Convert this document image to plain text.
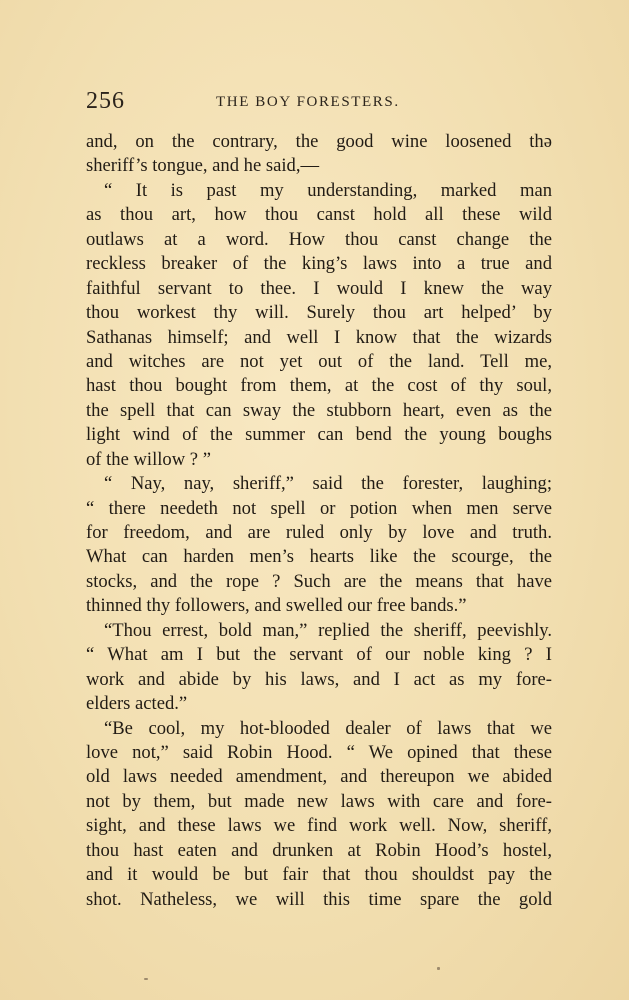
256	THE BOY FORESTERS.
and, on the contrary, the good wine loosened thə
sheriff’s tongue, and he said,—
“ It is past my understanding, marked man
as thou art, how thou canst hold all these wild
outlaws at a word. How thou canst change the
reckless breaker of the king’s laws into a true and
faithful servant to thee. I would I knew the way
thou workest thy will. Surely thou art helped’ by
Sathanas himself; and well I know that the wizards
and witches are not yet out of the land. Tell me,
hast thou bought from them, at the cost of thy soul,
the spell that can sway the stubborn heart, even as the
light wind of the summer can bend the young boughs
of the willow ? ”
“ Nay, nay, sheriff,” said the forester, laughing;
“ there needeth not spell or potion when men serve
for freedom, and are ruled only by love and truth.
What can harden men’s hearts like the scourge, the
stocks, and the rope ? Such are the means that have
thinned thy followers, and swelled our free bands.”
“Thou errest, bold man,” replied the sheriff, peevishly.
“ What am I but the servant of our noble king ? I
work and abide by his laws, and I act as my fore-
elders acted.”
“Be cool, my hot-blooded dealer of laws that we
love not,” said Robin Hood. “ We opined that these
old laws needed amendment, and thereupon we abided
not by them, but made new laws with care and fore-
sight, and these laws we find work well. Now, sheriff,
thou hast eaten and drunken at Robin Hood’s hostel,
and it would be but fair that thou shouldst pay the
shot. Natheless, we will this time spare the gold
